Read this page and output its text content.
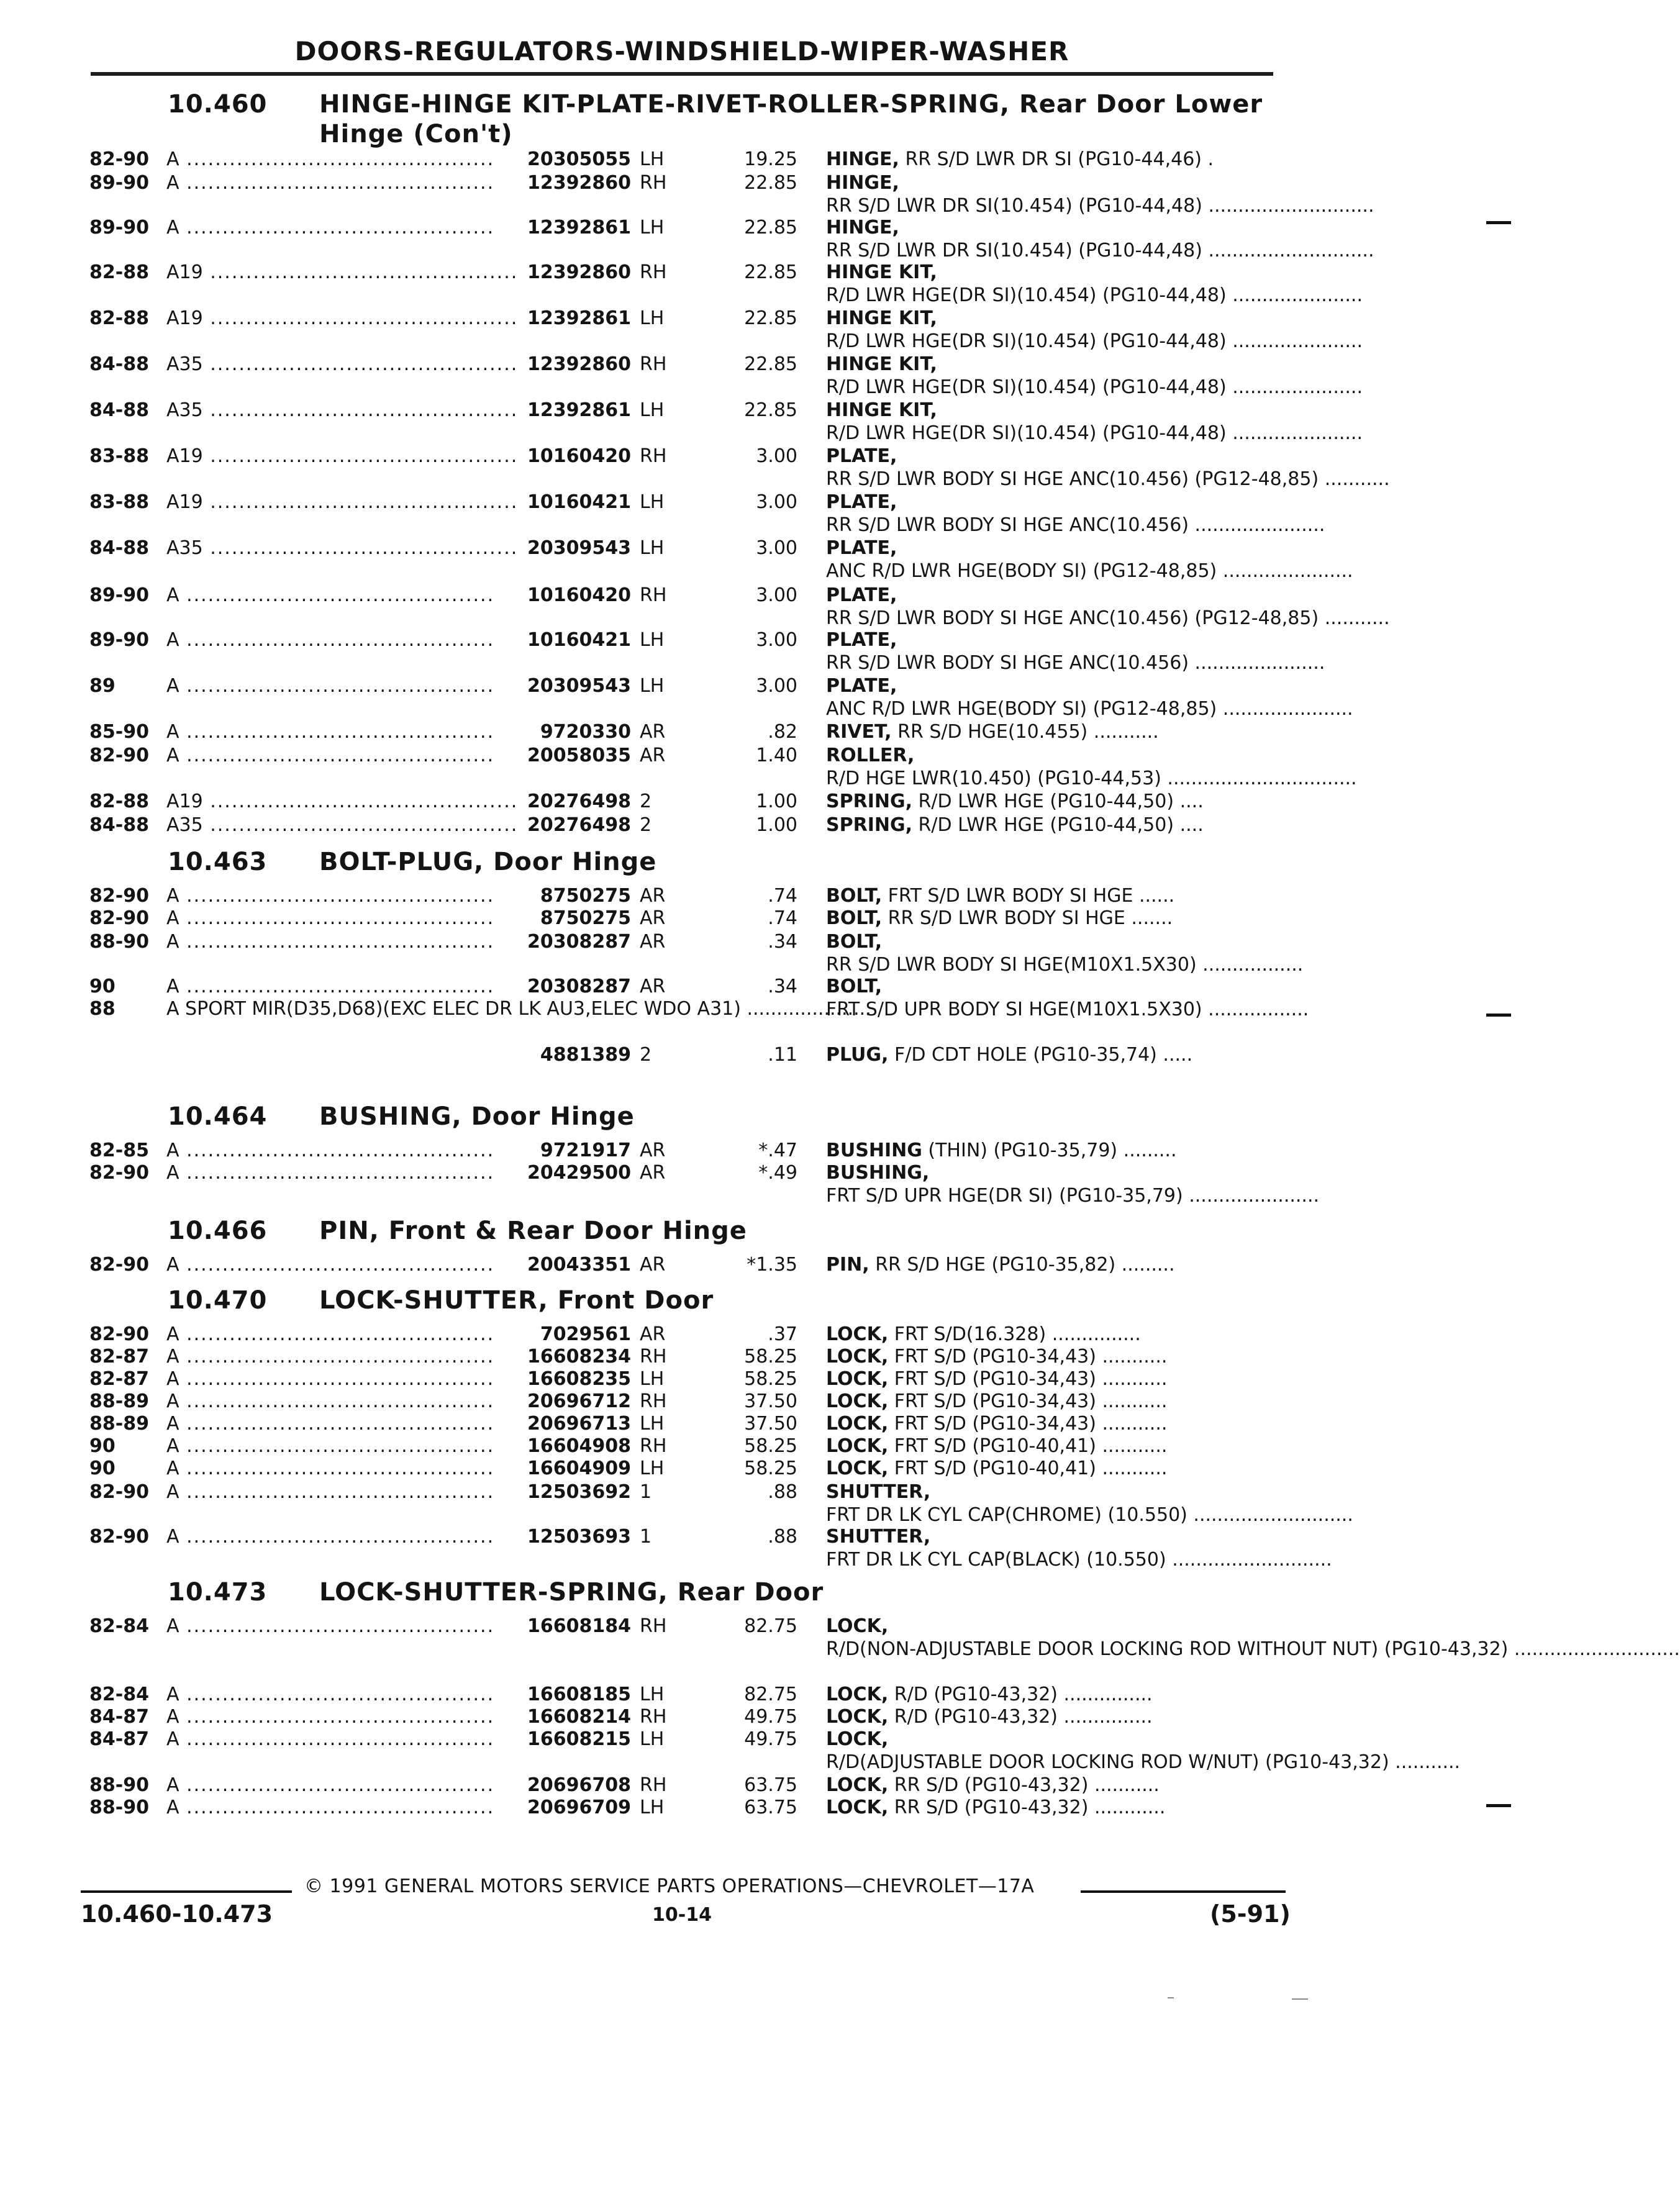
DOORS-REGULATORS-WINDSHIELD-WIPER-WASHER
10.460 HINGE-HINGE KIT-PLATE-RIVET-ROLLER-SPRING, Rear Door Lower
Hinge (Con't)
82-90 A ...........................................	20305055 LH	19.25 HINGE, RR S/D LWR DR SI (PG10-44,46) .
89-90 A ...........................................	12392860 RH	22.85 HINGE, RR S/D LWR DR SI(10.454) (PG10-44,48) ............................
89-90 A ...........................................	12392861 LH	22.85 HINGE, RR S/D LWR DR SI(10.454) (PG10-44,48) ............................
82-88 A19 ........................................... 12392860 RH	22.85 HINGE KIT, R/D LWR HGE(DR SI)(10.454) (PG10-44,48) ......................
82-88 A19 ........................................... 12392861 LH	22.85 HINGE KIT, R/D LWR HGE(DR SI)(10.454) (PG10-44,48) ......................
84-88 A35 ........................................... 12392860 RH	22.85 HINGE KIT, R/D LWR HGE(DR SI)(10.454) (PG10-44,48) ......................
84-88 A35 ........................................... 12392861 LH	22.85 HINGE KIT, R/D LWR HGE(DR SI)(10.454) (PG10-44,48) ......................
83-88 A19 ........................................... 10160420 RH	3.00 PLATE, RR S/D LWR BODY SI HGE ANC(10.456) (PG12-48,85) ...........
83-88 A19 ........................................... 10160421 LH	3.00 PLATE, RR S/D LWR BODY SI HGE ANC(10.456) ......................
84-88 A35 ........................................... 20309543 LH	3.00 PLATE, ANC R/D LWR HGE(BODY SI) (PG12-48,85) ......................
89-90 A ...........................................	10160420 RH	3.00 PLATE, RR S/D LWR BODY SI HGE ANC(10.456) (PG12-48,85) ...........
89-90 A ...........................................	10160421 LH	3.00 PLATE, RR S/D LWR BODY SI HGE ANC(10.456) ......................
89	A ...........................................	20309543 LH	3.00 PLATE, ANC R/D LWR HGE(BODY SI) (PG12-48,85) ......................
85-90 A ...........................................	9720330 AR	.82 RIVET, RR S/D HGE(10.455) ...........
82-90 A ...........................................	20058035 AR	1.40 ROLLER, R/D HGE LWR(10.450) (PG10-44,53) ................................
82-88 A19 ........................................... 20276498 2	1.00 SPRING, R/D LWR HGE (PG10-44,50) ....
84-88 A35 ........................................... 20276498 2	1.00 SPRING, R/D LWR HGE (PG10-44,50) ....
10.463 BOLT-PLUG, Door Hinge
82-90 A ...........................................	8750275 AR	.74 BOLT, FRT S/D LWR BODY SI HGE ......
82-90 A ...........................................	8750275 AR	.74 BOLT, RR S/D LWR BODY SI HGE .......
88-90 A ...........................................	20308287 AR	.34 BOLT, RR S/D LWR BODY SI HGE(M10X1.5X30) .................
90	A ...........................................	20308287 AR	.34 BOLT, FRT S/D UPR BODY SI HGE(M10X1.5X30) .................
88	A SPORT MIR(D35,D68)(EXC ELEC DR LK AU3,ELEC WDO A31) .....................
4881389 2	.11 PLUG, F/D CDT HOLE (PG10-35,74) .....
10.464 BUSHING, Door Hinge
82-85 A ...........................................	9721917 AR	*.47 BUSHING (THIN) (PG10-35,79) .........
82-90 A ...........................................	20429500 AR	*.49 BUSHING, FRT S/D UPR HGE(DR SI) (PG10-35,79) ......................
10.466 PIN, Front & Rear Door Hinge
82-90 A ...........................................	20043351 AR	*1.35 PIN, RR S/D HGE (PG10-35,82) .........
10.470 LOCK-SHUTTER, Front Door
82-90 A ...........................................	7029561 AR	.37 LOCK, FRT S/D(16.328) ...............
82-87 A ...........................................	16608234 RH	58.25 LOCK, FRT S/D (PG10-34,43) ...........
82-87 A ...........................................	16608235 LH	58.25 LOCK, FRT S/D (PG10-34,43) ...........
88-89 A ...........................................	20696712 RH	37.50 LOCK, FRT S/D (PG10-34,43) ...........
88-89 A ...........................................	20696713 LH	37.50 LOCK, FRT S/D (PG10-34,43) ...........
90	A ...........................................	16604908 RH	58.25 LOCK, FRT S/D (PG10-40,41) ...........
90	A ...........................................	16604909 LH	58.25 LOCK, FRT S/D (PG10-40,41) ...........
82-90 A ...........................................	12503692 1	.88 SHUTTER, FRT DR LK CYL CAP(CHROME) (10.550) ...........................
82-90 A ...........................................	12503693 1	.88 SHUTTER, FRT DR LK CYL CAP(BLACK) (10.550) ...........................
10.473 LOCK-SHUTTER-SPRING, Rear Door
82-84 A ...........................................	16608184 RH	82.75 LOCK, R/D(NON-ADJUSTABLE DOOR LOCKING ROD WITHOUT NUT) (PG10-43,32) ............................
82-84 A ...........................................	16608185 LH	82.75 LOCK, R/D (PG10-43,32) ...............
84-87 A ...........................................	16608214 RH	49.75 LOCK, R/D (PG10-43,32) ...............
84-87 A ...........................................	16608215 LH	49.75 LOCK, R/D(ADJUSTABLE DOOR LOCKING ROD W/NUT) (PG10-43,32) ...........
88-90 A ...........................................	20696708 RH	63.75 LOCK, RR S/D (PG10-43,32) ...........
88-90 A ...........................................	20696709 LH	63.75 LOCK, RR S/D (PG10-43,32) ............
© 1991 GENERAL MOTORS SERVICE PARTS OPERATIONS—CHEVROLET—17A
10.460-10.473	10-14	(5-91)
